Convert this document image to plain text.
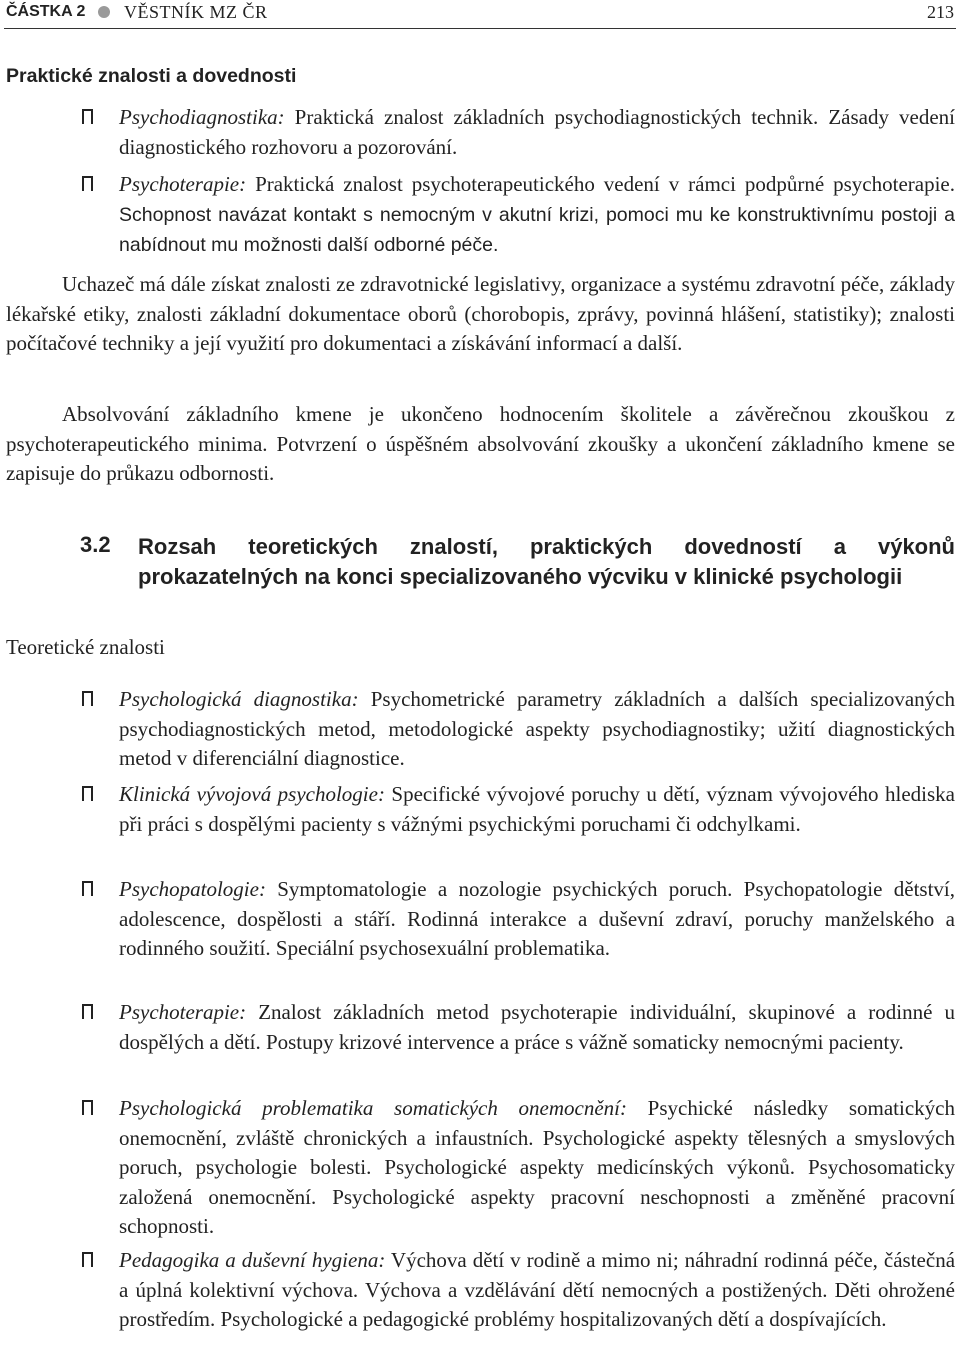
ČÁSTKA 2 VĚSTNÍK MZ ČR	213
Praktické znalosti a dovednosti
Psychodiagnostika: Praktická znalost základních psychodiagnostických technik. Zásady vedení diagnostického rozhovoru a pozorování.
Psychoterapie: Praktická znalost psychoterapeutického vedení v rámci podpůrné psychoterapie. Schopnost navázat kontakt s nemocným v akutní krizi, pomoci mu ke konstruktivnímu postoji a nabídnout mu možnosti další odborné péče.

Uchazeč má dále získat znalosti ze zdravotnické legislativy, organizace a systému zdravotní péče, základy lékařské etiky, znalosti základní dokumentace oborů (chorobopis, zprávy, povinná hlášení, statistiky); znalosti počítačové techniky a její využití pro dokumentaci a získávání informací a další.

Absolvování základního kmene je ukončeno hodnocením školitele a závěrečnou zkouškou z psychoterapeutického minima. Potvrzení o úspěšném absolvování zkoušky a ukončení základního kmene se zapisuje do průkazu odbornosti.

3.2 Rozsah teoretických znalostí, praktických dovedností a výkonů prokazatelných na konci specializovaného výcviku v klinické psychologii
Teoretické znalosti
Psychologická diagnostika: Psychometrické parametry základních a dalších specializovaných psychodiagnostických metod, metodologické aspekty psychodiagnostiky; užití diagnostických metod v diferenciální diagnostice.
Klinická vývojová psychologie: Specifické vývojové poruchy u dětí, význam vývojového hlediska při práci s dospělými pacienty s vážnými psychickými poruchami či odchylkami.
Psychopatologie: Symptomatologie a nozologie psychických poruch. Psychopatologie dětství, adolescence, dospělosti a stáří. Rodinná interakce a duševní zdraví, poruchy manželského a rodinného soužití. Speciální psychosexuální problematika.
Psychoterapie: Znalost základních metod psychoterapie individuální, skupinové a rodinné u dospělých a dětí. Postupy krizové intervence a práce s vážně somaticky nemocnými pacienty.
Psychologická problematika somatických onemocnění: Psychické následky somatických onemocnění, zvláště chronických a infaustních. Psychologické aspekty tělesných a smyslových poruch, psychologie bolesti. Psychologické aspekty medicínských výkonů. Psychosomaticky založená onemocnění. Psychologické aspekty pracovní neschopnosti a změněné pracovní schopnosti.
Pedagogika a duševní hygiena: Výchova dětí v rodině a mimo ni; náhradní rodinná péče, částečná a úplná kolektivní výchova. Výchova a vzdělávání dětí nemocných a postižených. Děti ohrožené prostředím. Psychologické a pedagogické problémy hospitalizovaných dětí a dospívajících.
